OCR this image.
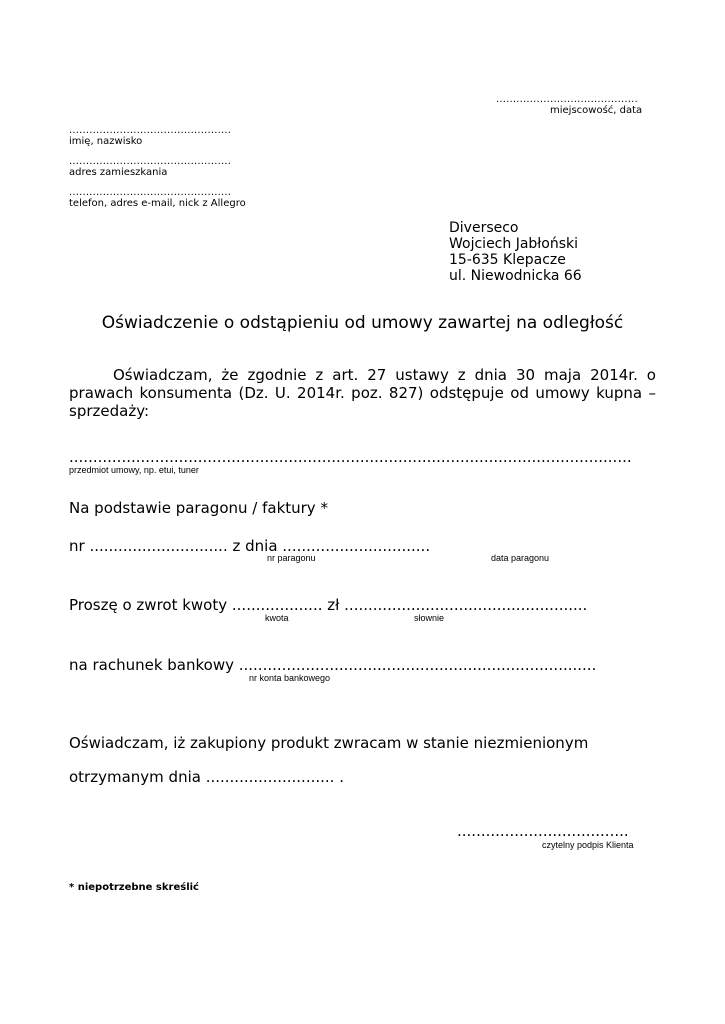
..........................................
miejscowość, data
................................................
imię, nazwisko
................................................
adres zamieszkania
................................................
telefon, adres e-mail, nick z Allegro
Diverseco
Wojciech Jabłoński
15-635 Klepacze
ul. Niewodnicka 66
Oświadczenie o odstąpieniu od umowy zawartej na odległość
Oświadczam, że zgodnie z art. 27 ustawy z dnia 30 maja 2014r. o prawach konsumenta (Dz. U. 2014r. poz. 827) odstępuje od umowy kupna – sprzedaży:
......................................................................................................................
przedmiot umowy, np. etui, tuner
Na podstawie paragonu / faktury *
nr ............................. z dnia ...............................
nr paragonu	data paragonu
Proszę o zwrot kwoty ................... zł ...................................................
kwota	słownie
na rachunek bankowy ...........................................................................
nr konta bankowego
Oświadczam, iż zakupiony produkt zwracam w stanie niezmienionym
otrzymanym dnia ........................... .
....................................
czytelny podpis Klienta
* niepotrzebne skreślić
